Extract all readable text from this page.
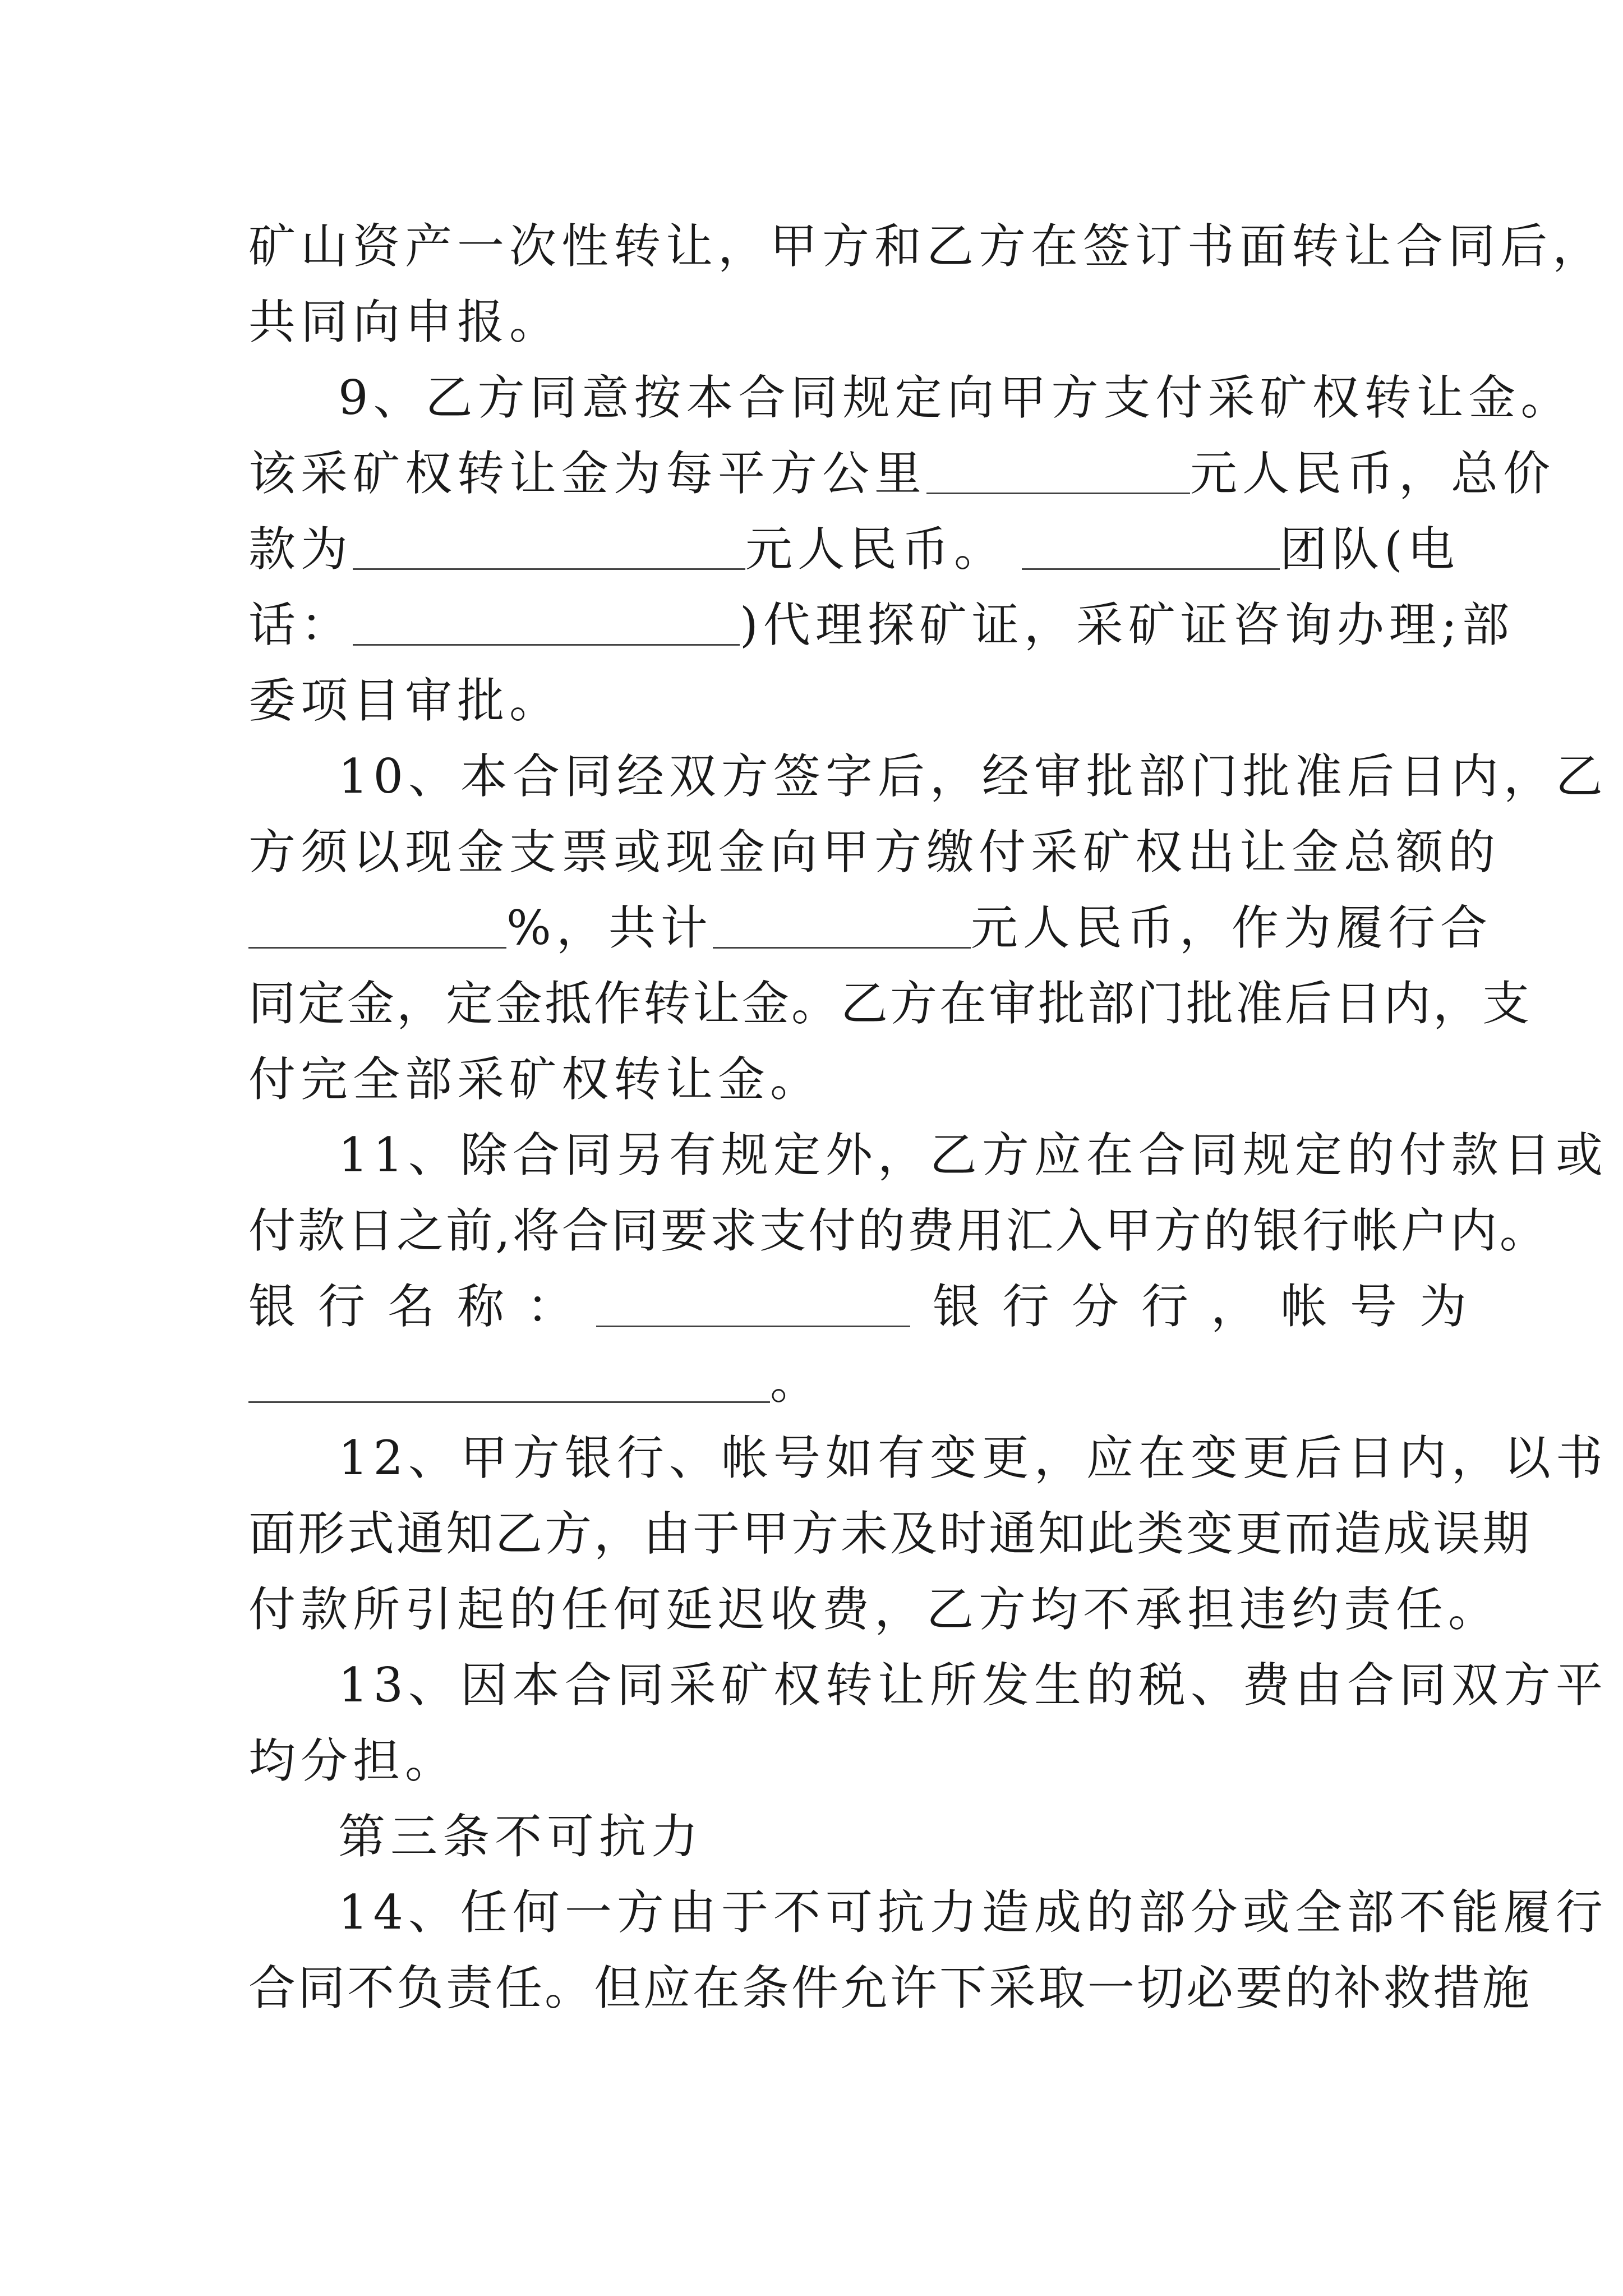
矿山资产一次性转让，甲方和乙方在签订书面转让合同后，
共同向申报。
9、乙方同意按本合同规定向甲方支付采矿权转让金。
该采矿权转让金为每平方公里	元人民币，总价
款为	元人民币。	团队(电
话：	)代理探矿证，采矿证咨询办理;部
委项目审批。
10、本合同经双方签字后，经审批部门批准后日内，乙
方须以现金支票或现金向甲方缴付采矿权出让金总额的
%，共计	元人民币，作为履行合
同定金，定金抵作转让金。乙方在审批部门批准后日内，支
付完全部采矿权转让金。
11、除合同另有规定外，乙方应在合同规定的付款日或
付款日之前,将合同要求支付的费用汇入甲方的银行帐户内。
银行名称：	银行分行，帐号为
。
12、甲方银行、帐号如有变更，应在变更后日内，以书
面形式通知乙方，由于甲方未及时通知此类变更而造成误期
付款所引起的任何延迟收费，乙方均不承担违约责任。
13、因本合同采矿权转让所发生的税、费由合同双方平
均分担。
第三条不可抗力
14、任何一方由于不可抗力造成的部分或全部不能履行
合同不负责任。但应在条件允许下采取一切必要的补救措施
